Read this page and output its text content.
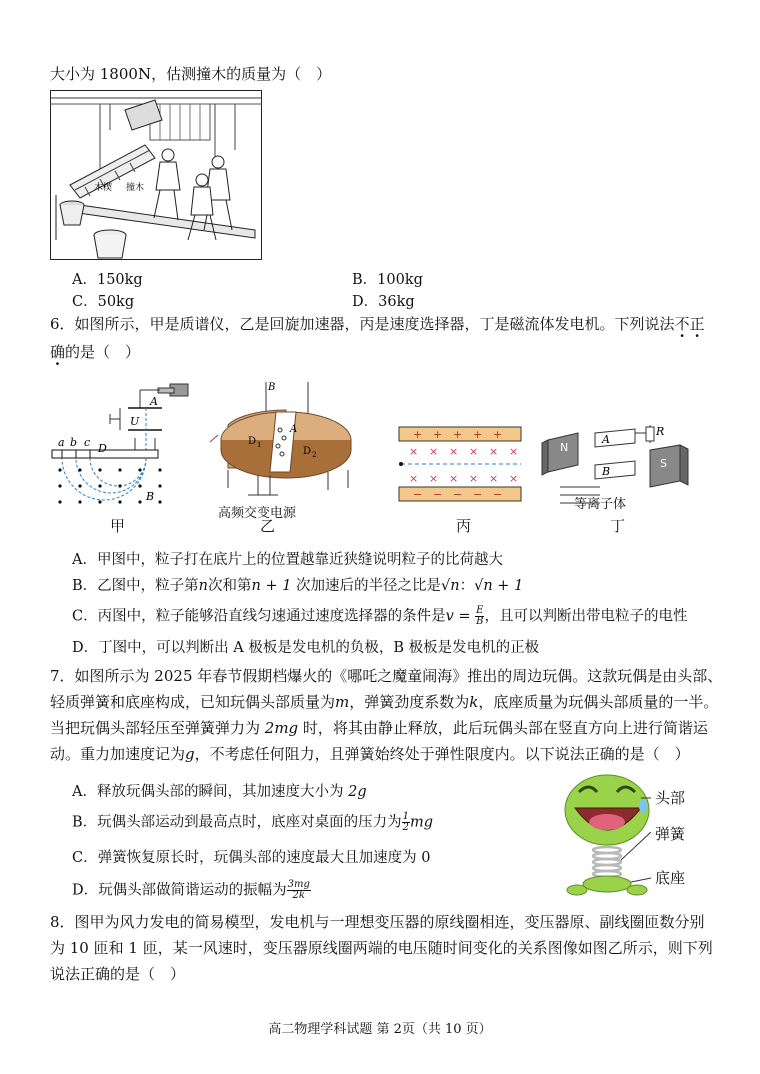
大小为 1800N，估测撞木的质量为（　）
木楔 撞木
A．150kg	B．100kg
C．50kg	D．36kg
6．如图所示，甲是质谱仪，乙是回旋加速器，丙是速度选择器，丁是磁流体发电机。下列说法不正
确的是（　）
A
U
a b c D
B
B
D 1
D 2
A
高频交变电源
+ + + + +
− − − − −
× × × × × ×
× × × × × ×
N
S
A
B
R
等离子体
甲	乙	丙	丁
A．甲图中，粒子打在底片上的位置越靠近狭缝说明粒子的比荷越大
B．乙图中，粒子第n次和第n + 1 次加速后的半径之比是√n：√n + 1
C．丙图中，粒子能够沿直线匀速通过速度选择器的条件是$v = \frac{E}{B}$ ，且可以判断出带电粒子的电性
D．丁图中，可以判断出 A 极板是发电机的负极，B 极板是发电机的正极
7．如图所示为 2025 年春节假期档爆火的《哪吒之魔童闹海》推出的周边玩偶。这款玩偶是由头部、
轻质弹簧和底座构成，已知玩偶头部质量为m，弹簧劲度系数为k，底座质量为玩偶头部质量的一半。
当把玩偶头部轻压至弹簧弹力为 2mg 时，将其由静止释放，此后玩偶头部在竖直方向上进行简谐运
动。重力加速度记为g，不考虑任何阻力，且弹簧始终处于弹性限度内。以下说法正确的是（　）
A．释放玩偶头部的瞬间，其加速度大小为 2g
B．玩偶头部运动到最高点时，底座对桌面的压力为 $\frac{1}{2}$ mg
C．弹簧恢复原长时，玩偶头部的速度最大且加速度为 0
D．玩偶头部做简谐运动的振幅为 $\frac{3mg}{2k}$
头部
弹簧
底座
8．图甲为风力发电的简易模型，发电机与一理想变压器的原线圈相连，变压器原、副线圈匝数分别
为 10 匝和 1 匝，某一风速时，变压器原线圈两端的电压随时间变化的关系图像如图乙所示，则下列
说法正确的是（　）
高二物理学科试题 第 2页（共 10 页）
